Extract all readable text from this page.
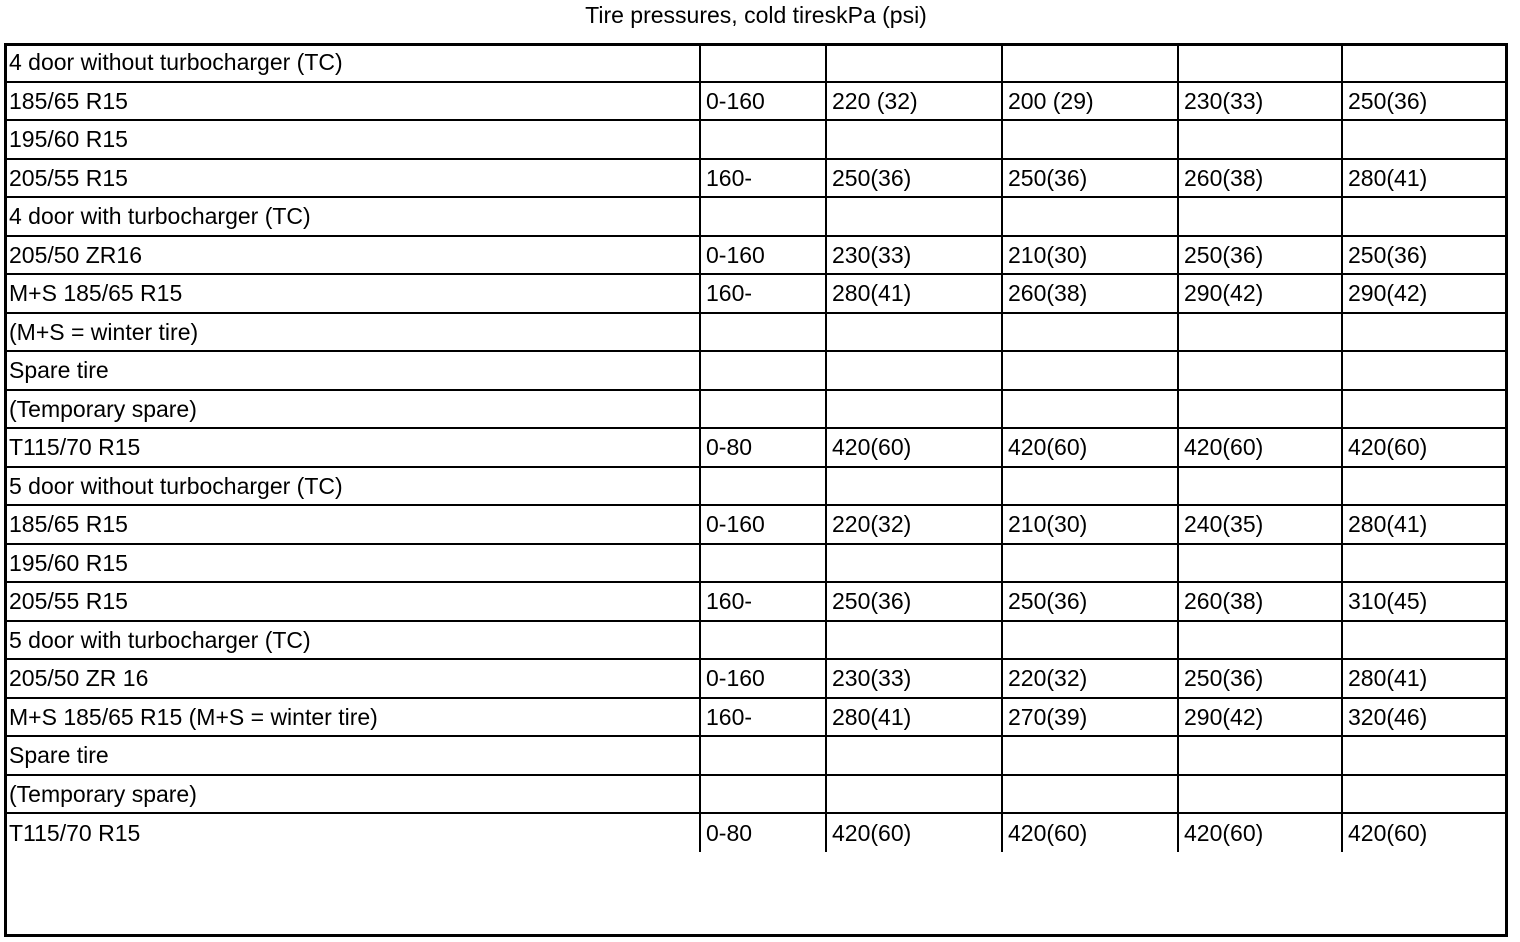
Tire pressures, cold tireskPa (psi)
4 door without turbocharger (TC)					
185/65 R15	0-160	220 (32)	200 (29)	230(33)	250(36)
195/60 R15					
205/55 R15	160-	250(36)	250(36)	260(38)	280(41)
4 door with turbocharger (TC)					
205/50 ZR16	0-160	230(33)	210(30)	250(36)	250(36)
M+S 185/65 R15	160-	280(41)	260(38)	290(42)	290(42)
(M+S = winter tire)					
Spare tire					
(Temporary spare)					
T115/70 R15	0-80	420(60)	420(60)	420(60)	420(60)
5 door without turbocharger (TC)					
185/65 R15	0-160	220(32)	210(30)	240(35)	280(41)
195/60 R15					
205/55 R15	160-	250(36)	250(36)	260(38)	310(45)
5 door with turbocharger (TC)					
205/50 ZR 16	0-160	230(33)	220(32)	250(36)	280(41)
M+S 185/65 R15 (M+S = winter tire)	160-	280(41)	270(39)	290(42)	320(46)
Spare tire					
(Temporary spare)					
T115/70 R15	0-80	420(60)	420(60)	420(60)	420(60)
